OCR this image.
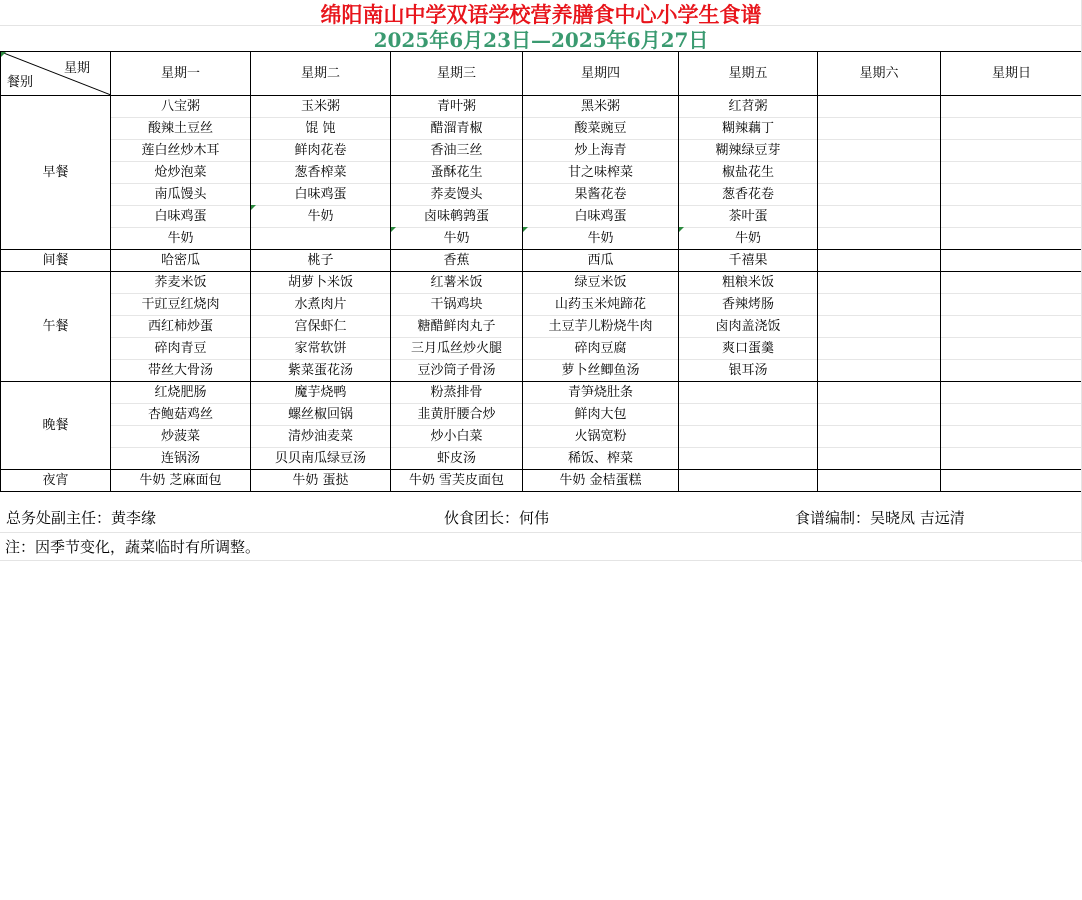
绵阳南山中学双语学校营养膳食中心小学生食谱
2025年6月23日—2025年6月27日
星期
餐别	星期一	星期二	星期三	星期四	星期五	星期六	星期日
早餐	八宝粥	玉米粥	青叶粥	黑米粥	红苕粥		
	酸辣土豆丝	馄 饨	醋溜青椒	酸菜豌豆	糊辣藕丁		
	莲白丝炒木耳	鲜肉花卷	香油三丝	炒上海青	糊辣绿豆芽		
	炝炒泡菜	葱香榨菜	蚤酥花生	甘之味榨菜	椒盐花生		
	南瓜馒头	白味鸡蛋	荞麦馒头	果酱花卷	葱香花卷		
	白味鸡蛋	牛奶	卤味鹌鹑蛋	白味鸡蛋	茶叶蛋		
	牛奶		牛奶	牛奶	牛奶		
间餐	哈密瓜	桃子	香蕉	西瓜	千禧果		
午餐	荞麦米饭	胡萝卜米饭	红薯米饭	绿豆米饭	粗粮米饭		
	干豇豆红烧肉	水煮肉片	干锅鸡块	山药玉米炖蹄花	香辣烤肠		
	西红柿炒蛋	宫保虾仁	糖醋鲜肉丸子	土豆芋儿粉烧牛肉	卤肉盖浇饭		
	碎肉青豆	家常软饼	三月瓜丝炒火腿	碎肉豆腐	爽口蛋羹		
	带丝大骨汤	紫菜蛋花汤	豆沙筒子骨汤	萝卜丝鲫鱼汤	银耳汤		
晚餐	红烧肥肠	魔芋烧鸭	粉蒸排骨	青笋烧肚条			
	杏鲍菇鸡丝	螺丝椒回锅	韭黄肝腰合炒	鲜肉大包			
	炒菠菜	清炒油麦菜	炒小白菜	火锅宽粉			
	连锅汤	贝贝南瓜绿豆汤	虾皮汤	稀饭、榨菜			
夜宵	牛奶 芝麻面包	牛奶 蛋挞	牛奶 雪芙皮面包	牛奶 金桔蛋糕			
总务处副主任：黄李缘	伙食团长：何伟	食谱编制：吴晓凤 吉远清
注：因季节变化，蔬菜临时有所调整。
